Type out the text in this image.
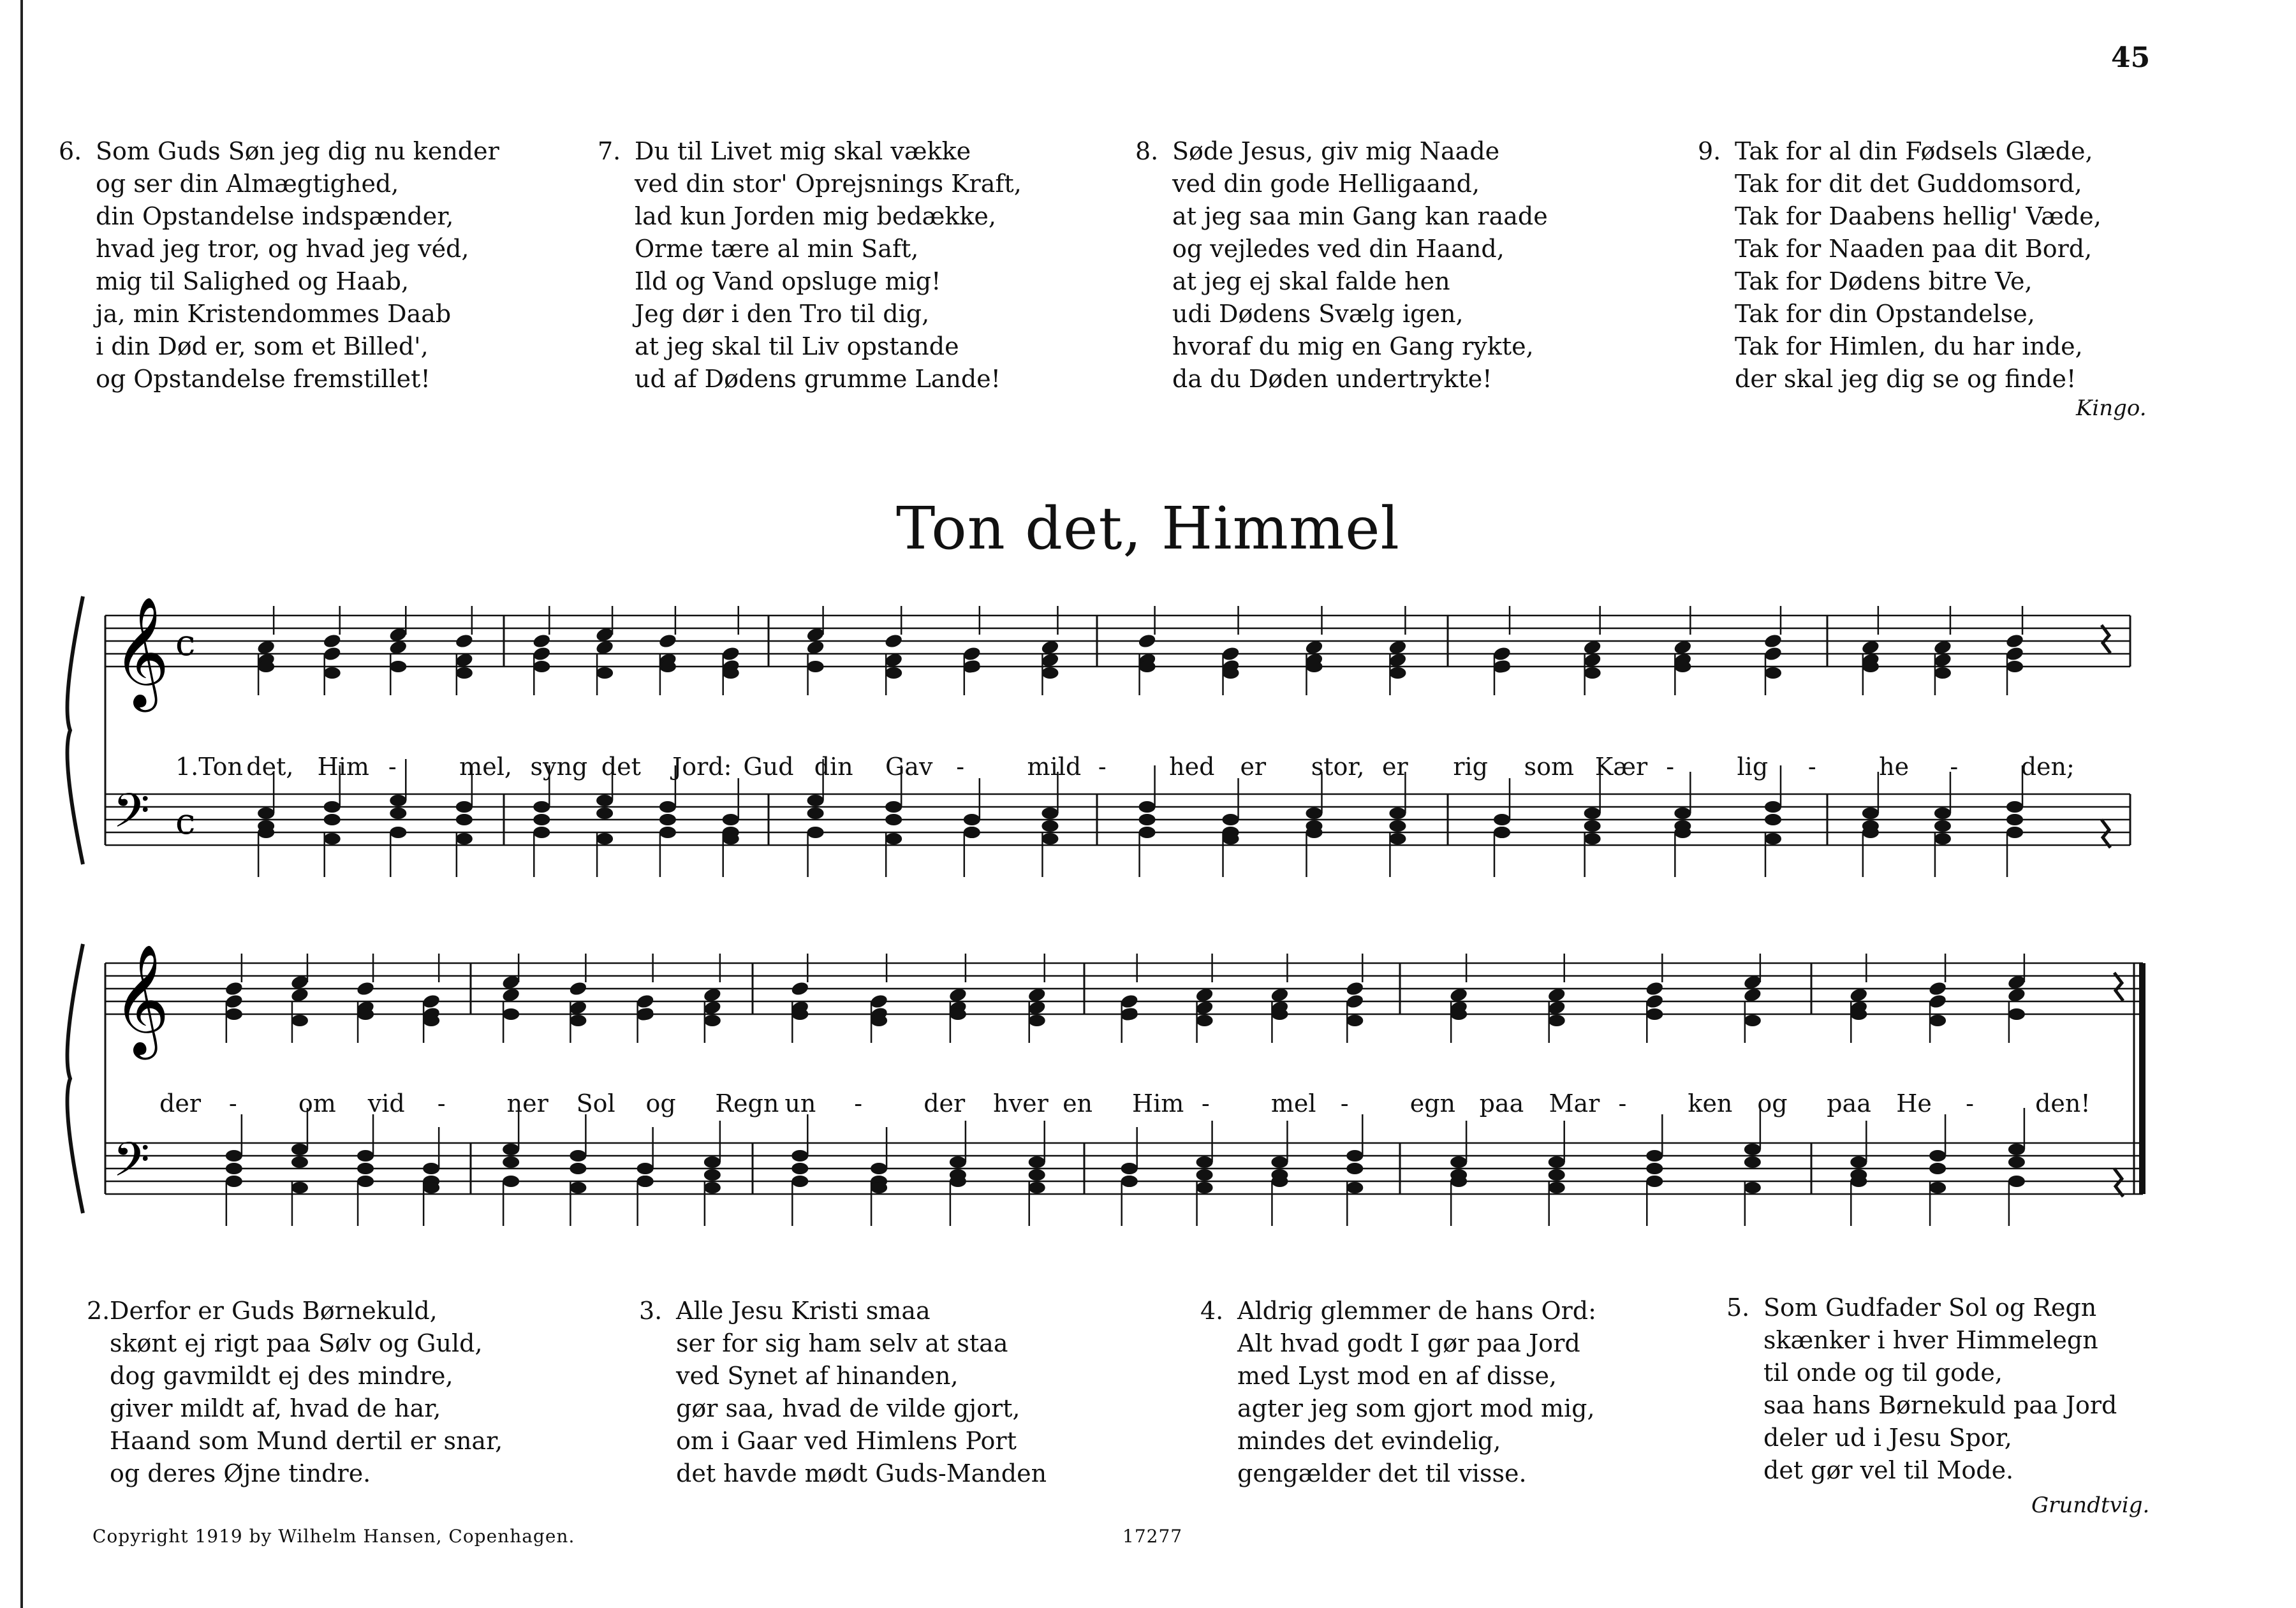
45
6. Som Guds Søn jeg dig nu kender
og ser din Almægtighed,
din Opstandelse indspænder,
hvad jeg tror, og hvad jeg véd,
mig til Salighed og Haab,
ja, min Kristendommes Daab
i din Død er, som et Billed',
og Opstandelse fremstillet!
7. Du til Livet mig skal vække
ved din stor' Oprejsnings Kraft,
lad kun Jorden mig bedække,
Orme tære al min Saft,
Ild og Vand opsluge mig!
Jeg dør i den Tro til dig,
at jeg skal til Liv opstande
ud af Dødens grumme Lande!
8. Søde Jesus, giv mig Naade
ved din gode Helligaand,
at jeg saa min Gang kan raade
og vejledes ved din Haand,
at jeg ej skal falde hen
udi Dødens Svælg igen,
hvoraf du mig en Gang rykte,
da du Døden undertrykte!
9. Tak for al din Fødsels Glæde,
Tak for dit det Guddomsord,
Tak for Daabens hellig' Væde,
Tak for Naaden paa dit Bord,
Tak for Dødens bitre Ve,
Tak for din Opstandelse,
Tak for Himlen, du har inde,
der skal jeg dig se og finde!
Kingo.
Ton det, Himmel
𝄞 c
𝄢 c
𝄞
𝄢
1.Ton det, Him -	mel, syng det Jord: Gud din Gav -	mild -	hed er stor, er rig som Kær -	lig -	he -	den;
der -	om vid -	ner Sol og Regn un -	der hver en Him -	mel -	egn paa Mar -	ken og paa He -	den!
2. Derfor er Guds Børnekuld,
skønt ej rigt paa Sølv og Guld,
dog gavmildt ej des mindre,
giver mildt af, hvad de har,
Haand som Mund dertil er snar,
og deres Øjne tindre.
3. Alle Jesu Kristi smaa
ser for sig ham selv at staa
ved Synet af hinanden,
gør saa, hvad de vilde gjort,
om i Gaar ved Himlens Port
det havde mødt Guds-Manden
4. Aldrig glemmer de hans Ord:
Alt hvad godt I gør paa Jord
med Lyst mod en af disse,
agter jeg som gjort mod mig,
mindes det evindelig,
gengælder det til visse.
5. Som Gudfader Sol og Regn
skænker i hver Himmelegn
til onde og til gode,
saa hans Børnekuld paa Jord
deler ud i Jesu Spor,
det gør vel til Mode.
Grundtvig.
Copyright 1919 by Wilhelm Hansen, Copenhagen.	17277
